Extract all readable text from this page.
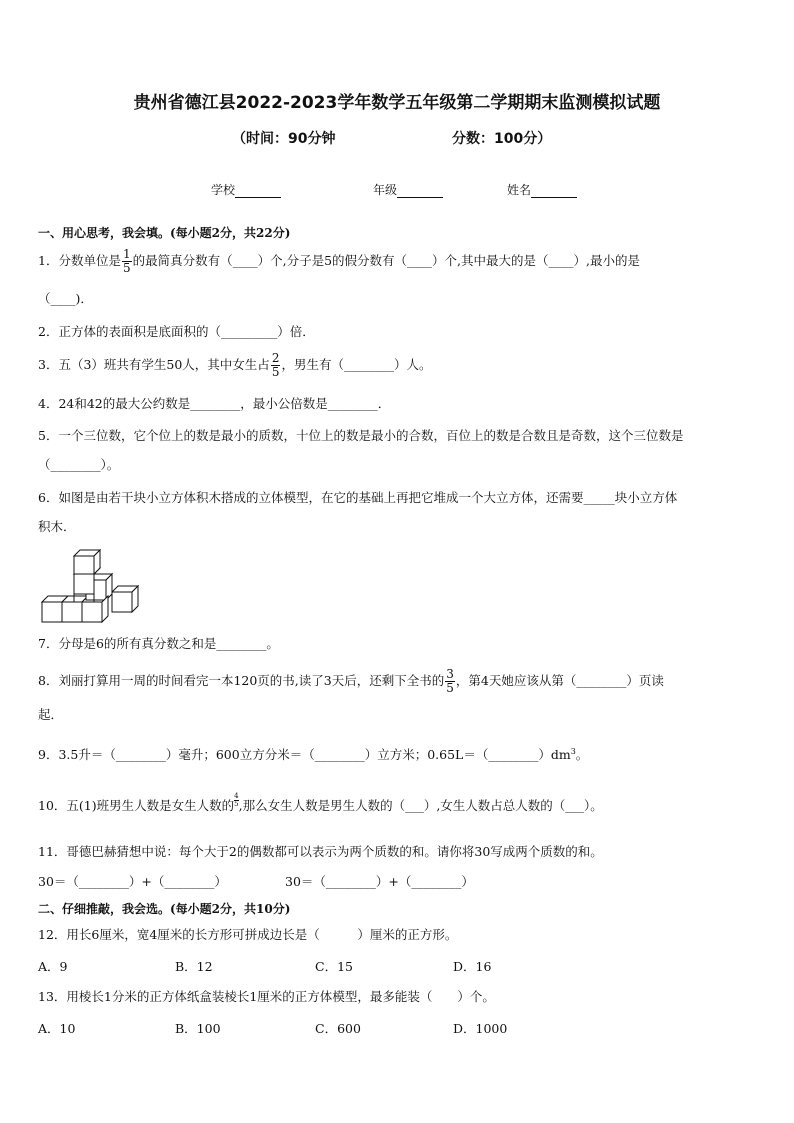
贵州省德江县2022-2023学年数学五年级第二学期期末监测模拟试题
（时间：90分钟	分数：100分）
学校	年级	姓名
一、用心思考，我会填。(每小题2分，共22分)
1．分数单位是 $\frac{1}{5}$ 的最简真分数有（____）个,分子是5的假分数有（____）个,其中最大的是（____）,最小的是
（____)．
2．正方体的表面积是底面积的（_________）倍．
3．五（3）班共有学生50人，其中女生占 $\frac{2}{5}$ ，男生有（________）人。
4．24和42的最大公约数是________，最小公倍数是________．
5．一个三位数，它个位上的数是最小的质数，十位上的数是最小的合数，百位上的数是合数且是奇数，这个三位数是
（________）。
6．如图是由若干块小立方体积木搭成的立体模型，在它的基础上再把它堆成一个大立方体，还需要_____块小立方体
积木．
7．分母是6的所有真分数之和是________。
8．刘丽打算用一周的时间看完一本120页的书,读了3天后，还剩下全书的 $\frac{3}{5}$ ，第4天她应该从第（________）页读
起．
9．3.5升＝（________）毫升；600立方分米＝（________）立方米；$0.65L=(\_\_\_\_\_\_\_\_)dm^3$。
10．五(1)班男生人数是女生人数的 $\frac{4}{5}$ ,那么女生人数是男生人数的（___）,女生人数占总人数的（___）。
11．哥德巴赫猜想中说：每个大于2的偶数都可以表示为两个质数的和。请你将30写成两个质数的和。
30＝（________）+（________）	30＝（________）+（________）
二、仔细推敲，我会选。(每小题2分，共10分)
12．用长6厘米，宽4厘米的长方形可拼成边长是（　　　）厘米的正方形。
A．9	B．12	C．15	D．16
13．用棱长1分米的正方体纸盒装棱长1厘米的正方体模型，最多能装（　　）个。
A．10	B．100	C．600	D．1000
